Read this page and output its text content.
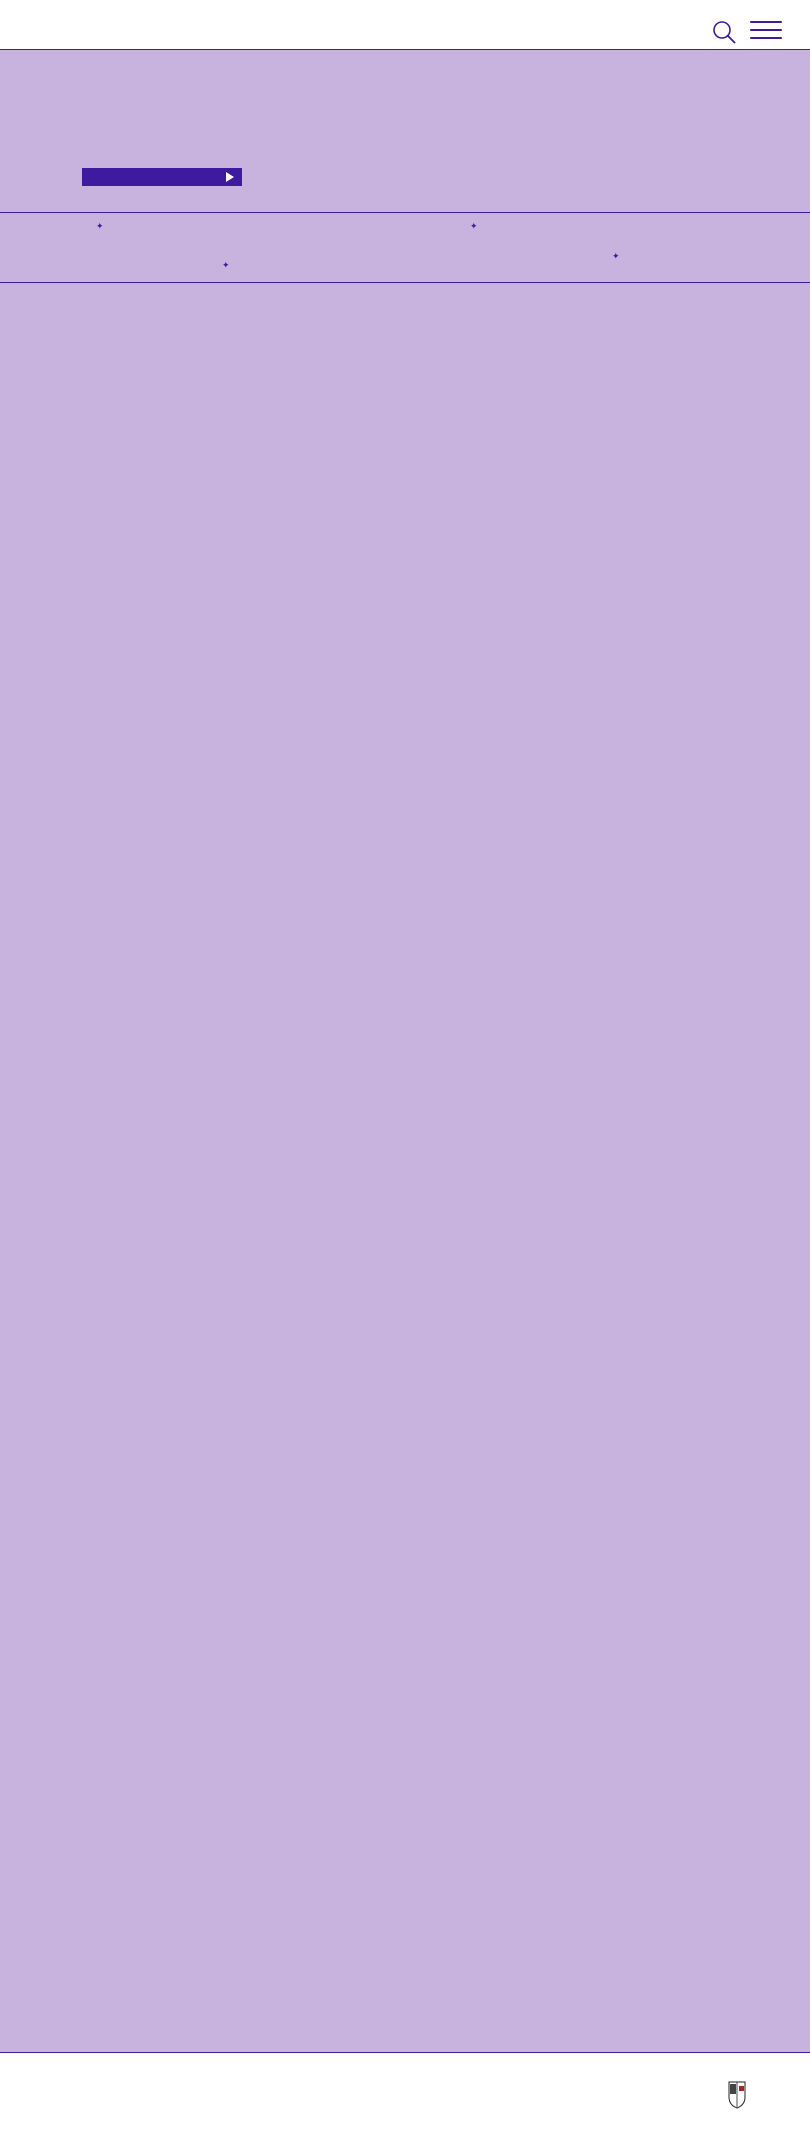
✦	✦
✦
✦
